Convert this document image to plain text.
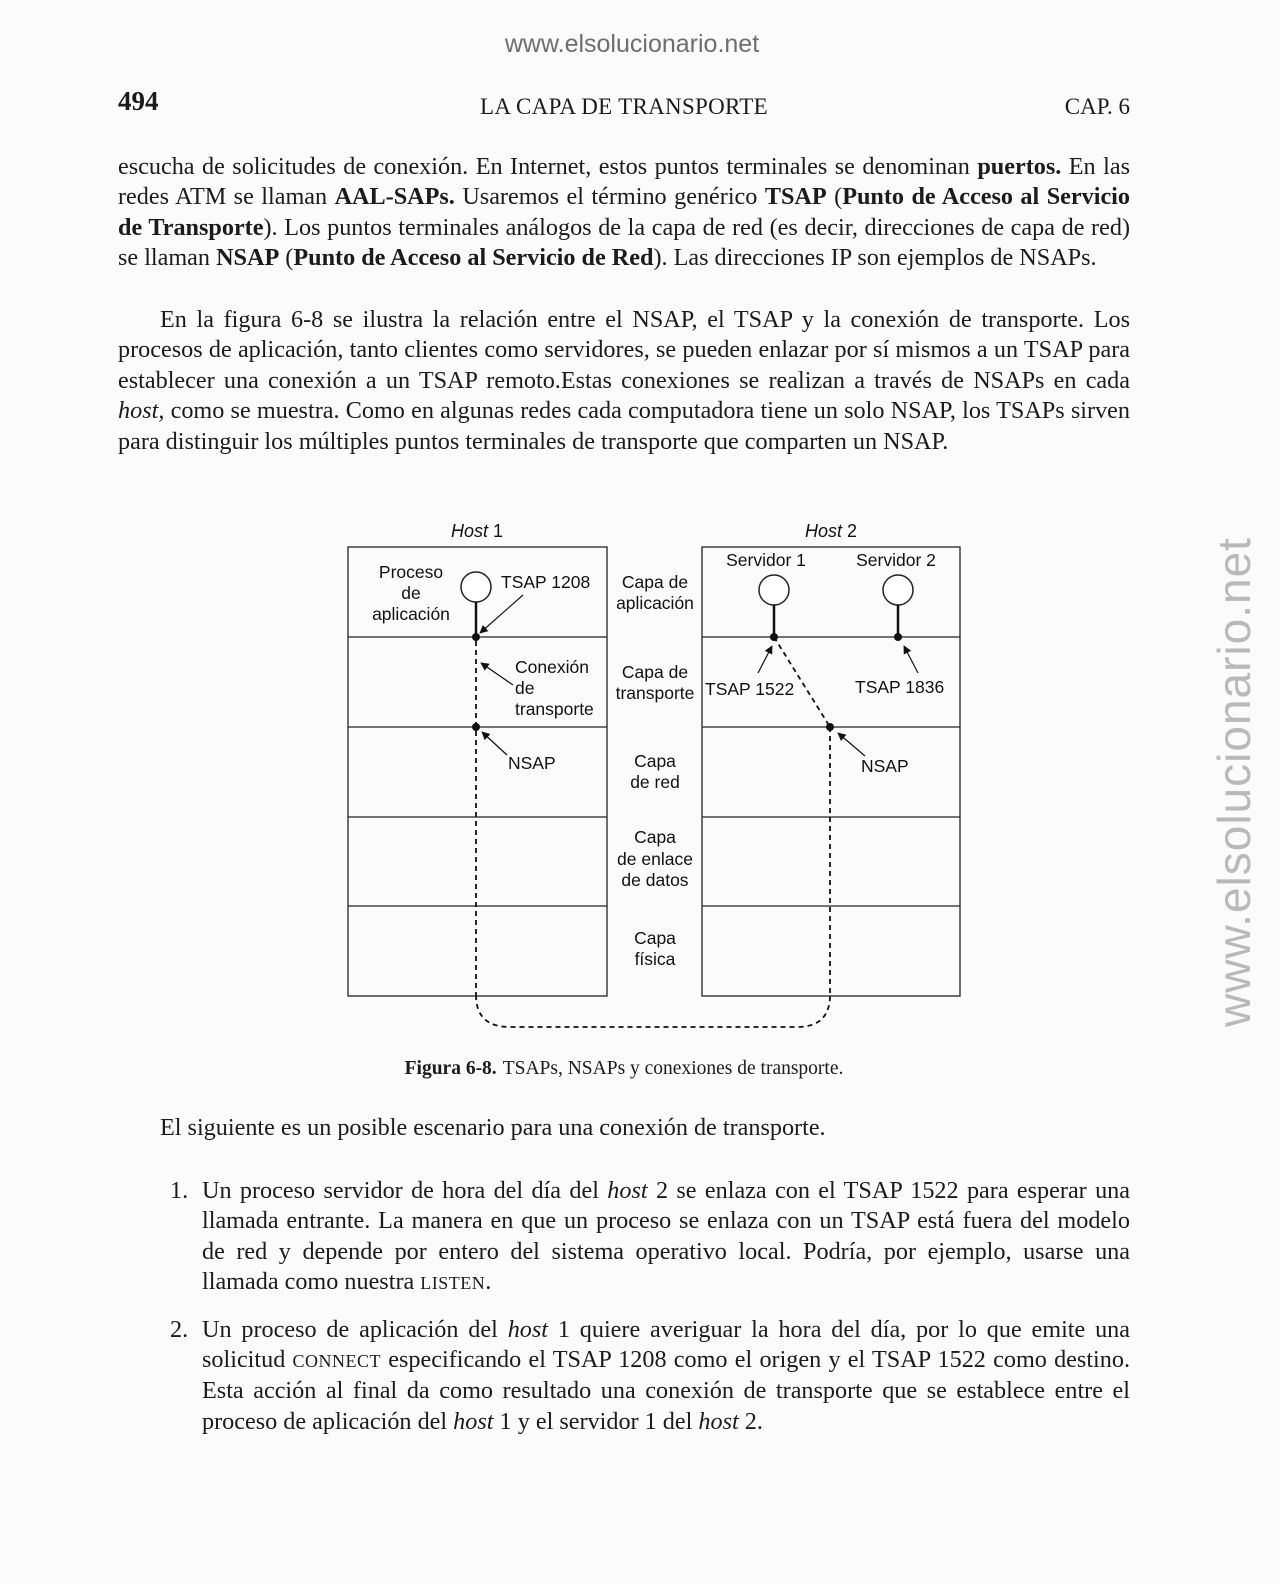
www.elsolucionario.net
www.elsolucionario.net
494	LA CAPA DE TRANSPORTE	CAP. 6

escucha de solicitudes de conexión. En Internet, estos puntos terminales se denominan puertos. En las redes ATM se llaman AAL-SAPs. Usaremos el término genérico TSAP (Punto de Acceso al Servicio de Transporte). Los puntos terminales análogos de la capa de red (es decir, direcciones de capa de red) se llaman NSAP (Punto de Acceso al Servicio de Red). Las direcciones IP son ejemplos de NSAPs.

En la figura 6-8 se ilustra la relación entre el NSAP, el TSAP y la conexión de transporte. Los procesos de aplicación, tanto clientes como servidores, se pueden enlazar por sí mismos a un TSAP para establecer una conexión a un TSAP remoto.Estas conexiones se realizan a través de NSAPs en cada host, como se muestra. Como en algunas redes cada computadora tiene un solo NSAP, los TSAPs sirven para distinguir los múltiples puntos terminales de transporte que comparten un NSAP.

Host 1	Host 2
Proceso
de
aplicación
TSAP 1208
Conexión
de
transporte
NSAP
Capa de
aplicación
Capa de
transporte
Capa
de red
Capa
de enlace
de datos
Capa
física
Servidor 1	Servidor 2
TSAP 1522	TSAP 1836
NSAP
Figura 6-8. TSAPs, NSAPs y conexiones de transporte.
El siguiente es un posible escenario para una conexión de transporte.
1. Un proceso servidor de hora del día del host 2 se enlaza con el TSAP 1522 para esperar una llamada entrante. La manera en que un proceso se enlaza con un TSAP está fuera del modelo de red y depende por entero del sistema operativo local. Podría, por ejemplo, usarse una llamada como nuestra LISTEN.
2. Un proceso de aplicación del host 1 quiere averiguar la hora del día, por lo que emite una solicitud CONNECT especificando el TSAP 1208 como el origen y el TSAP 1522 como destino. Esta acción al final da como resultado una conexión de transporte que se establece entre el proceso de aplicación del host 1 y el servidor 1 del host 2.
